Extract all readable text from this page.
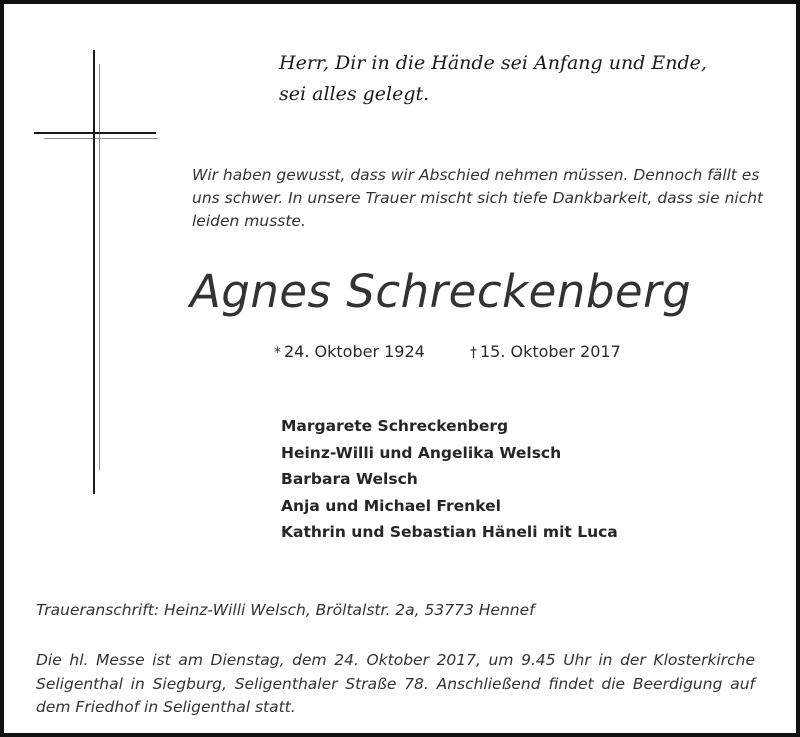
Herr, Dir in die Hände sei Anfang und Ende,
sei alles gelegt.

Wir haben gewusst, dass wir Abschied nehmen müssen. Dennoch fällt es uns schwer. In unsere Trauer mischt sich tiefe Dankbarkeit, dass sie nicht leiden musste.

Agnes Schreckenberg
* 24. Oktober 1924	† 15. Oktober 2017
Margarete Schreckenberg
Heinz-Willi und Angelika Welsch
Barbara Welsch
Anja und Michael Frenkel
Kathrin und Sebastian Häneli mit Luca

Traueranschrift: Heinz-Willi Welsch, Bröltalstr. 2a, 53773 Hennef

Die hl. Messe ist am Dienstag, dem 24. Oktober 2017, um 9.45 Uhr in der Klosterkirche Seligenthal in Siegburg, Seligenthaler Straße 78. Anschließend findet die Beerdigung auf dem Friedhof in Seligenthal statt.
